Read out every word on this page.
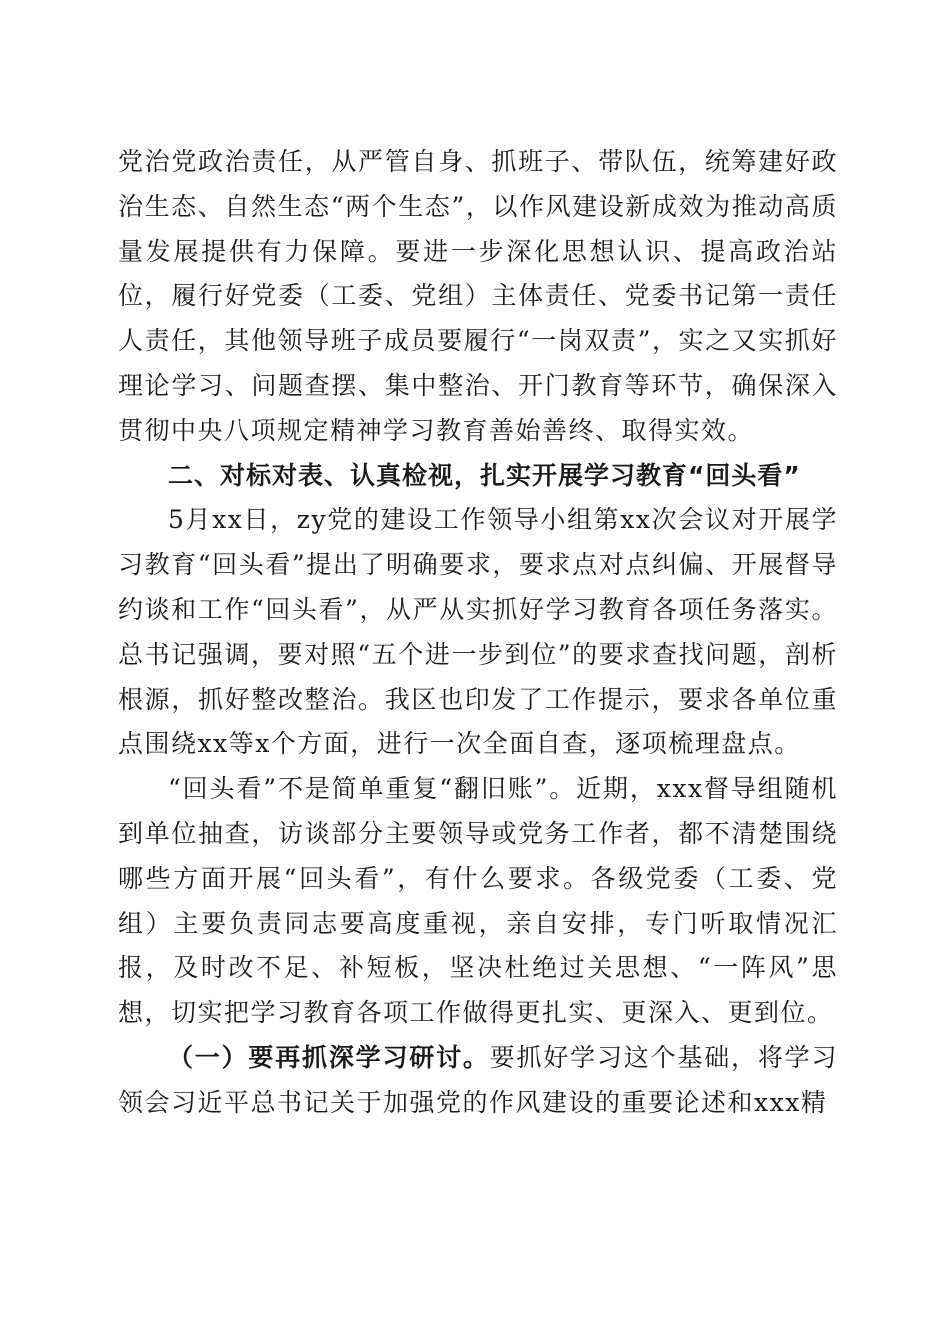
党治党政治责任，从严管自身、抓班子、带队伍，统筹建好政治生态、自然生态“两个生态”，以作风建设新成效为推动高质量发展提供有力保障。要进一步深化思想认识、提高政治站位，履行好党委（工委、党组）主体责任、党委书记第一责任人责任，其他领导班子成员要履行“一岗双责”，实之又实抓好理论学习、问题查摆、集中整治、开门教育等环节，确保深入贯彻中央八项规定精神学习教育善始善终、取得实效。

二、对标对表、认真检视，扎实开展学习教育“回头看”

5月xx日，zy党的建设工作领导小组第xx次会议对开展学习教育“回头看”提出了明确要求，要求点对点纠偏、开展督导约谈和工作“回头看”，从严从实抓好学习教育各项任务落实。总书记强调，要对照“五个进一步到位”的要求查找问题，剖析根源，抓好整改整治。我区也印发了工作提示，要求各单位重点围绕xx等x个方面，进行一次全面自查，逐项梳理盘点。

“回头看”不是简单重复“翻旧账”。近期，xxx督导组随机到单位抽查，访谈部分主要领导或党务工作者，都不清楚围绕哪些方面开展“回头看”，有什么要求。各级党委（工委、党组）主要负责同志要高度重视，亲自安排，专门听取情况汇报，及时改不足、补短板，坚决杜绝过关思想、“一阵风”思想，切实把学习教育各项工作做得更扎实、更深入、更到位。

（一）要再抓深学习研讨。要抓好学习这个基础，将学习领会习近平总书记关于加强党的作风建设的重要论述和xxx精
